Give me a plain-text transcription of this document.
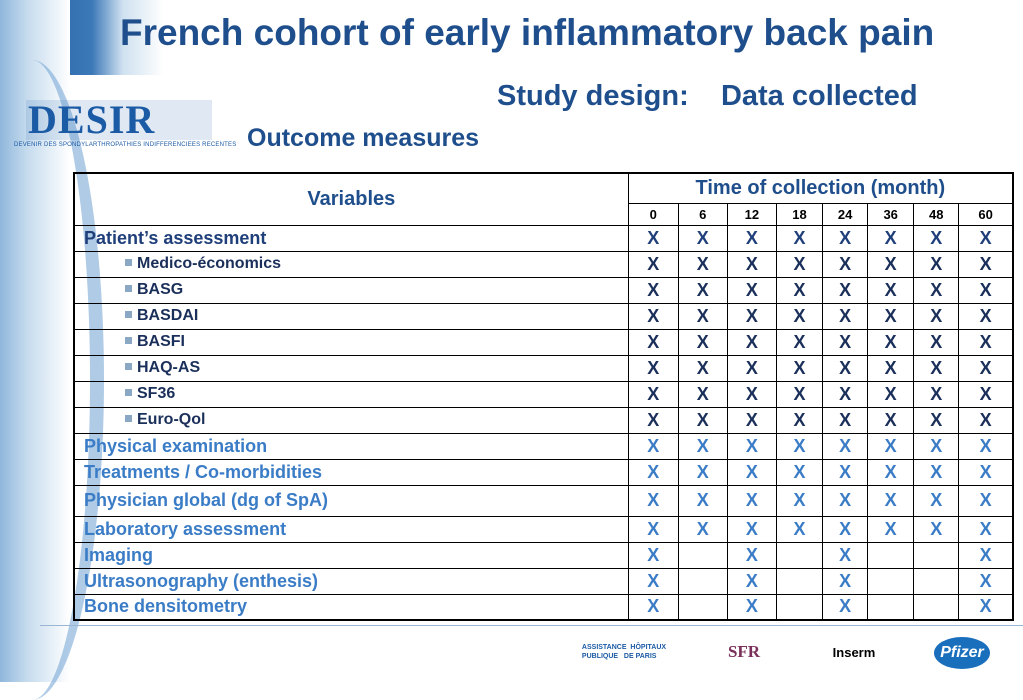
French cohort of early inflammatory back pain
Study design:    Data collected
Outcome measures
DESIR
DEVENIR DES SPONDYLARTHROPATHIES INDIFFERENCIEES RECENTES
Variables	Time of collection (month)							
	0	6	12	18	24	36	48	60
Patient’s assessment	X	X	X	X	X	X	X	X
Medico-économics	X	X	X	X	X	X	X	X
BASG	X	X	X	X	X	X	X	X
BASDAI	X	X	X	X	X	X	X	X
BASFI	X	X	X	X	X	X	X	X
HAQ-AS	X	X	X	X	X	X	X	X
SF36	X	X	X	X	X	X	X	X
Euro-Qol	X	X	X	X	X	X	X	X
Physical examination	X	X	X	X	X	X	X	X
Treatments / Co-morbidities	X	X	X	X	X	X	X	X
Physician global (dg of SpA)	X	X	X	X	X	X	X	X
Laboratory assessment	X	X	X	X	X	X	X	X
Imaging	X		X		X			X
Ultrasonography (enthesis)	X		X		X			X
Bone densitometry	X		X		X			X
ASSISTANCE  HÔPITAUX
PUBLIQUE   DE PARIS	SFR	Inserm	Pfizer
